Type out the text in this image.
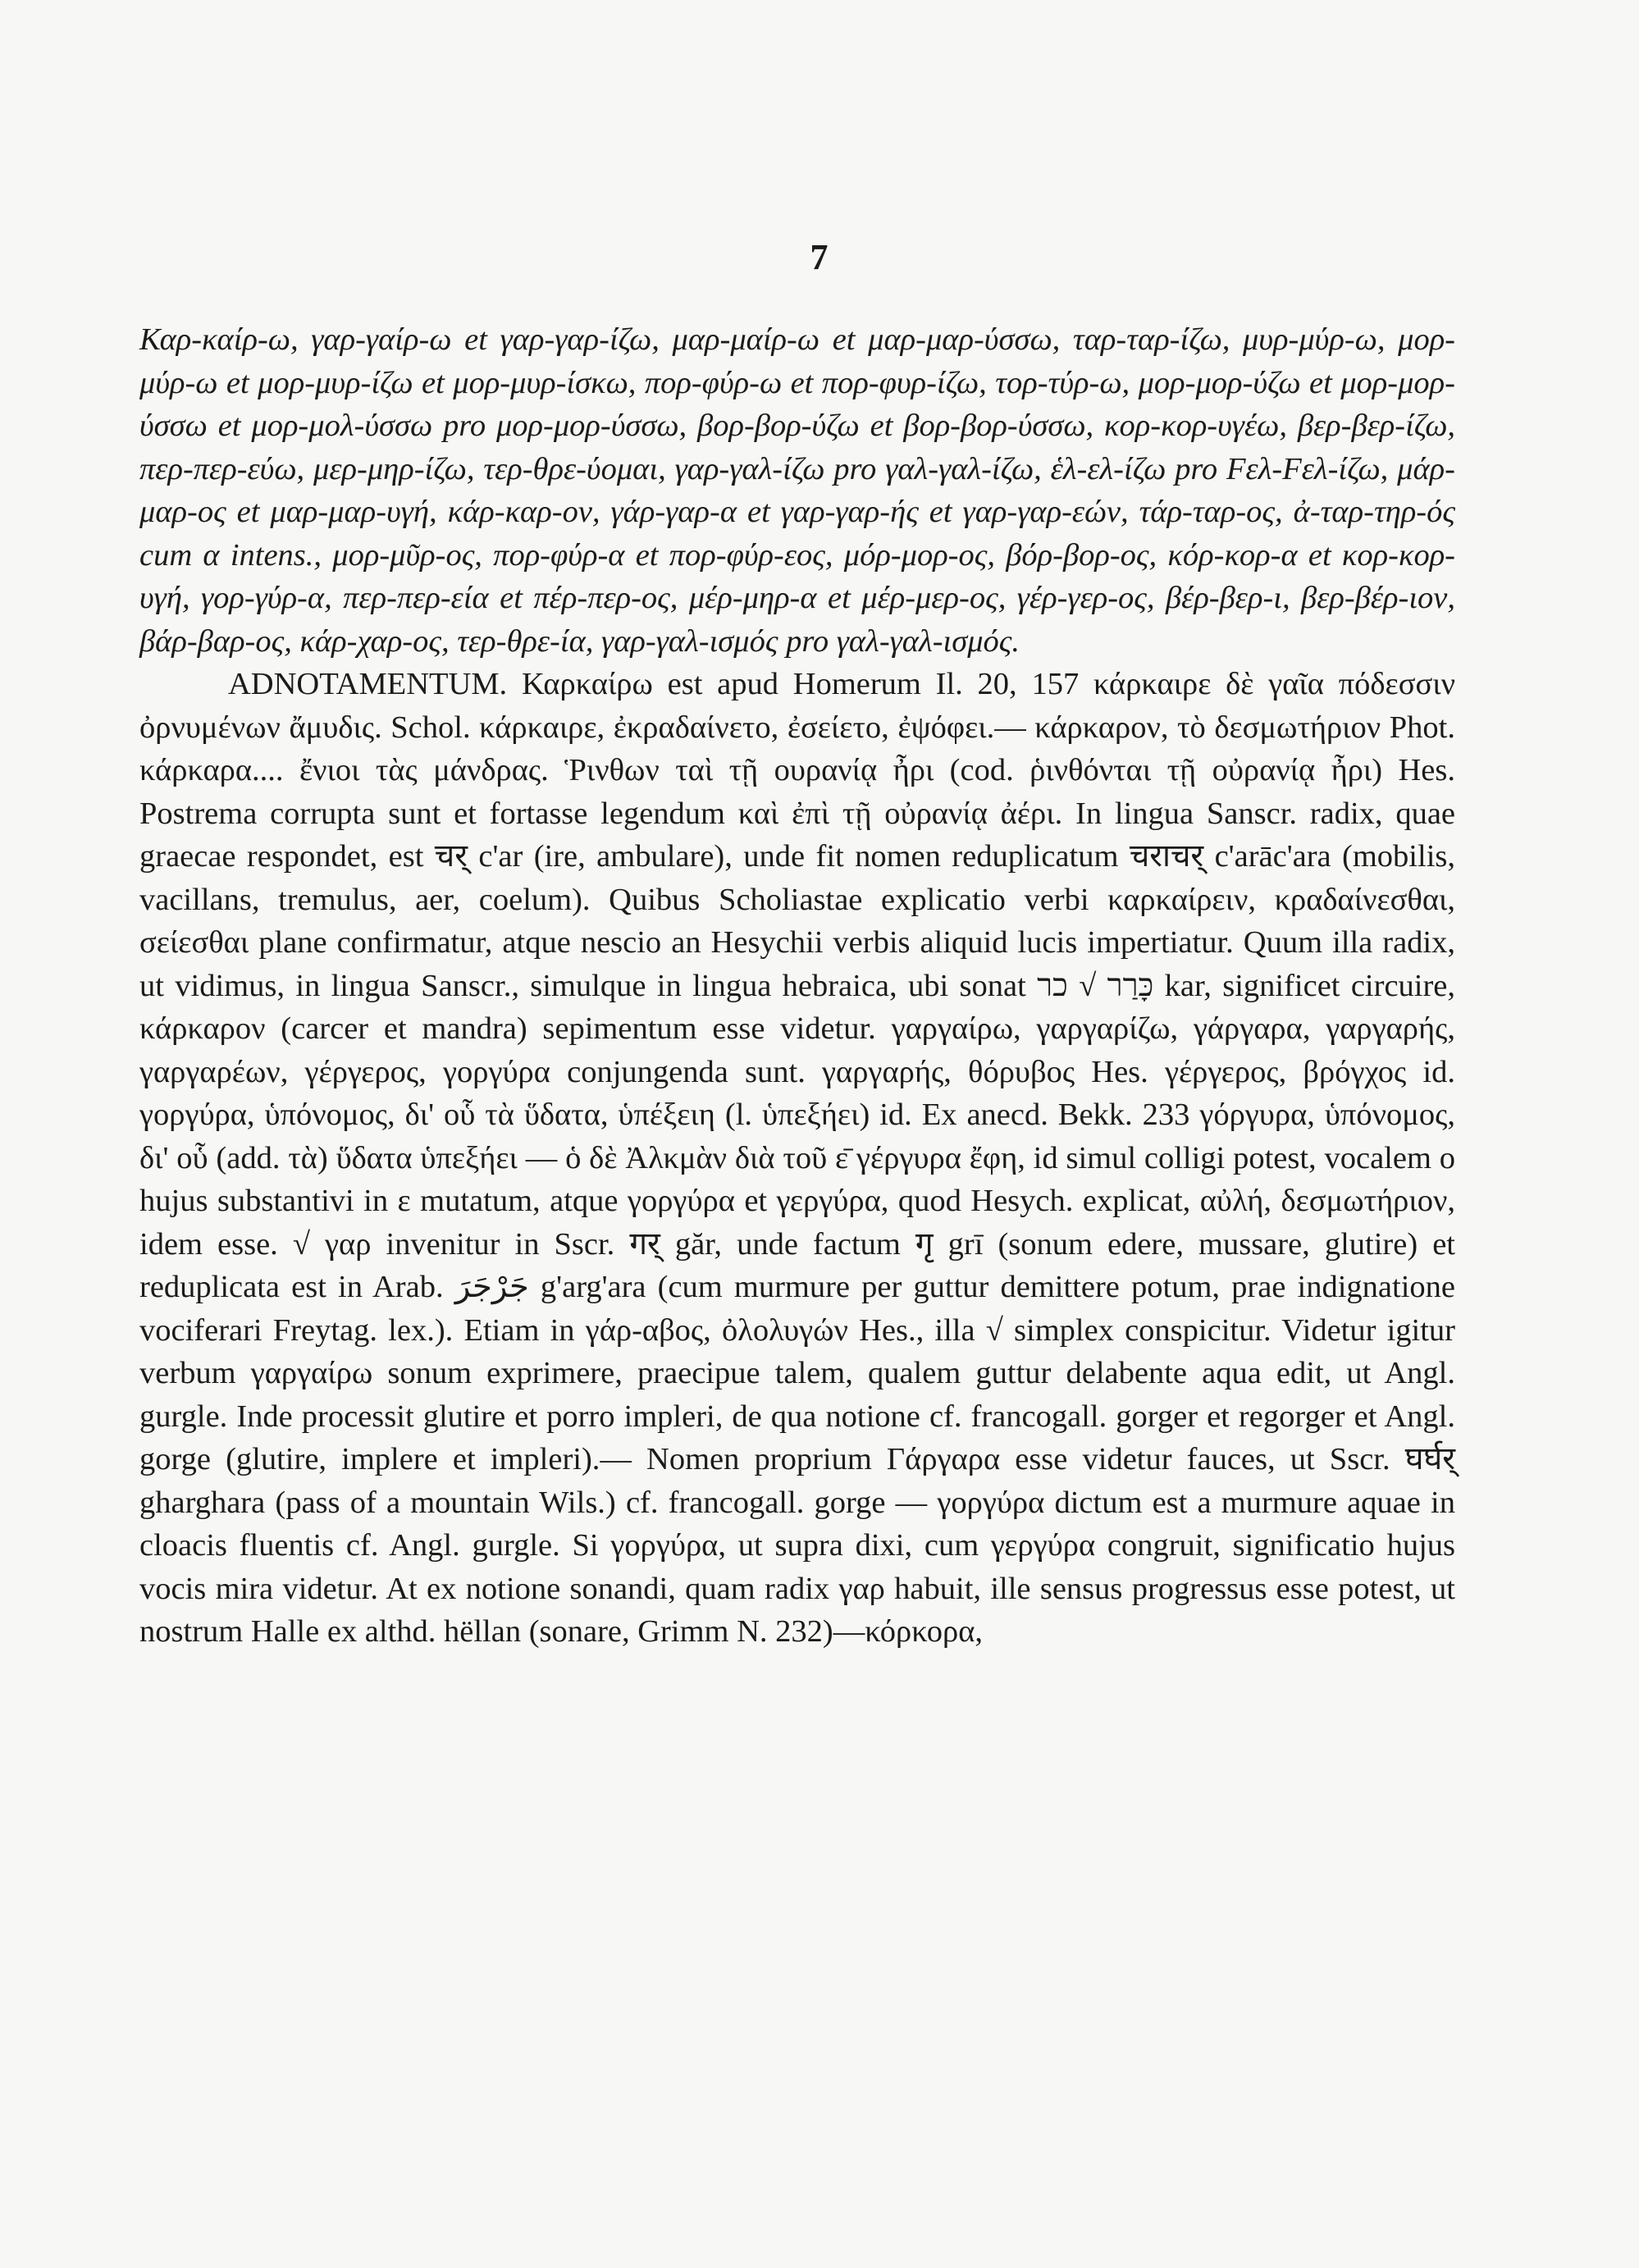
7

Καρ-καίρ-ω, γαρ-γαίρ-ω et γαρ-γαρ-ίζω, μαρ-μαίρ-ω et μαρ-μαρ-ύσσω, ταρ-ταρ-ίζω, μυρ-μύρ-ω, μορ-μύρ-ω et μορ-μυρ-ίζω et μορ-μυρ-ίσκω, πορ-φύρ-ω et πορ-φυρ-ίζω, τορ-τύρ-ω, μορ-μορ-ύζω et μορ-μορ-ύσσω et μορ-μολ-ύσσω pro μορ-μορ-ύσσω, βορ-βορ-ύζω et βορ-βορ-ύσσω, κορ-κορ-υγέω, βερ-βερ-ίζω, περ-περ-εύω, μερ-μηρ-ίζω, τερ-θρε-ύομαι, γαρ-γαλ-ίζω pro γαλ-γαλ-ίζω, ἑλ-ελ-ίζω pro Fελ-Fελ-ίζω, μάρ-μαρ-ος et μαρ-μαρ-υγή, κάρ-καρ-ον, γάρ-γαρ-α et γαρ-γαρ-ής et γαρ-γαρ-εών, τάρ-ταρ-ος, ἀ-ταρ-τηρ-ός cum α intens., μορ-μῦρ-ος, πορ-φύρ-α et πορ-φύρ-εος, μόρ-μορ-ος, βόρ-βορ-ος, κόρ-κορ-α et κορ-κορ-υγή, γορ-γύρ-α, περ-περ-εία et πέρ-περ-ος, μέρ-μηρ-α et μέρ-μερ-ος, γέρ-γερ-ος, βέρ-βερ-ι, βερ-βέρ-ιον, βάρ-βαρ-ος, κάρ-χαρ-ος, τερ-θρε-ία, γαρ-γαλ-ισμός pro γαλ-γαλ-ισμός.

ADNOTAMENTUM. Καρκαίρω est apud Homerum Il. 20, 157 κάρκαιρε δὲ γαῖα πόδεσσιν ὀρνυμένων ἄμυδις. Schol. κάρκαιρε, ἐκραδαίνετο, ἐσείετο, ἐψόφει.— κάρκαρον, τὸ δεσμωτήριον Phot. κάρκαρα.... ἔνιοι τὰς μάνδρας. Ῥινθων ταὶ τῇ ουρανίᾳ ἦρι (cod. ῥινθόνται τῇ οὐρανίᾳ ἦρι) Hes. Postrema corrupta sunt et fortasse legendum καὶ ἐπὶ τῇ οὐρανίᾳ ἀέρι. In lingua Sanscr. radix, quae graecae respondet, est चर् c'ar (ire, ambulare), unde fit nomen reduplicatum चराचर् c'arāc'ara (mobilis, vacillans, tremulus, aer, coelum). Quibus Scholiastae explicatio verbi καρκαίρειν, κραδαίνεσθαι, σείεσθαι plane confirmatur, atque nescio an Hesychii verbis aliquid lucis impertiatur. Quum illa radix, ut vidimus, in lingua Sanscr., simulque in lingua hebraica, ubi sonat כָּרַר √ כר kar, significet circuire, κάρκαρον (carcer et mandra) sepimentum esse videtur. γαργαίρω, γαργαρίζω, γάργαρα, γαργαρής, γαργαρέων, γέργερος, γοργύρα conjungenda sunt. γαργαρής, θόρυβος Hes. γέργερος, βρόγχος id. γοργύρα, ὑπόνομος, δι' οὗ τὰ ὕδατα, ὑπέξειη (l. ὑπεξήει) id. Ex anecd. Bekk. 233 γόργυρα, ὑπόνομος, δι' οὗ (add. τὰ) ὕδατα ὑπεξήει — ὁ δὲ Ἀλκμὰν διὰ τοῦ ε̄ γέργυρα ἔφη, id simul colligi potest, vocalem ο hujus substantivi in ε mutatum, atque γοργύρα et γεργύρα, quod Hesych. explicat, αὐλή, δεσμωτήριον, idem esse. √ γαρ invenitur in Sscr. गर् găr, unde factum गृ grī (sonum edere, mussare, glutire) et reduplicata est in Arab. جَرْجَرَ g'arg'ara (cum murmure per guttur demittere potum, prae indignatione vociferari Freytag. lex.). Etiam in γάρ-αβος, ὀλολυγών Hes., illa √ simplex conspicitur. Videtur igitur verbum γαργαίρω sonum exprimere, praecipue talem, qualem guttur delabente aqua edit, ut Angl. gurgle. Inde processit glutire et porro impleri, de qua notione cf. francogall. gorger et regorger et Angl. gorge (glutire, implere et impleri).— Nomen proprium Γάργαρα esse videtur fauces, ut Sscr. घर्घर् gharghara (pass of a mountain Wils.) cf. francogall. gorge — γοργύρα dictum est a murmure aquae in cloacis fluentis cf. Angl. gurgle. Si γοργύρα, ut supra dixi, cum γεργύρα congruit, significatio hujus vocis mira videtur. At ex notione sonandi, quam radix γαρ habuit, ille sensus progressus esse potest, ut nostrum Halle ex althd. hëllan (sonare, Grimm N. 232)—κόρκορα,
